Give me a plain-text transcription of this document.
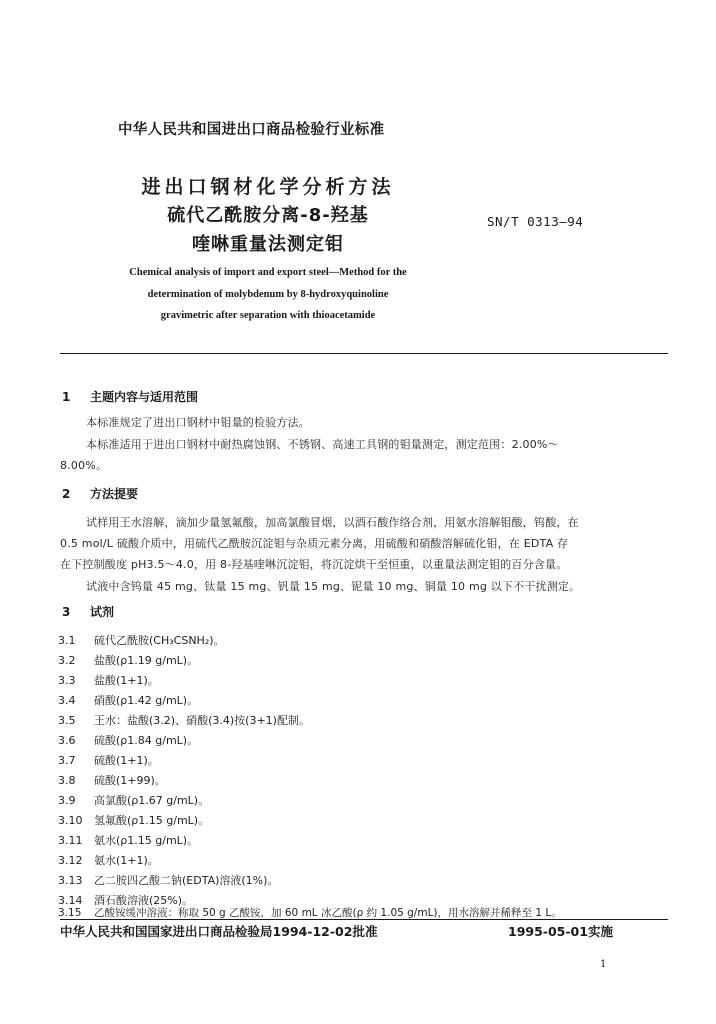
中华人民共和国进出口商品检验行业标准
进出口钢材化学分析方法
硫代乙酰胺分离-8-羟基
喹啉重量法测定钼
SN/T 0313—94
Chemical analysis of import and export steel—Method for the
determination of molybdenum by 8-hydroxyquinoline
gravimetric after separation with thioacetamide
1 主题内容与适用范围
本标准规定了进出口钢材中钼量的检验方法。
本标准适用于进出口钢材中耐热腐蚀钢、不锈钢、高速工具钢的钼量测定，测定范围：2.00%～
8.00%。
2 方法提要
试样用王水溶解，滴加少量氢氟酸，加高氯酸冒烟，以酒石酸作络合剂，用氨水溶解钼酸，钨酸，在
0.5 mol/L 硫酸介质中，用硫代乙酰胺沉淀钼与杂质元素分离，用硫酸和硝酸溶解硫化钼，在 EDTA 存
在下控制酸度 pH3.5～4.0，用 8-羟基喹啉沉淀钼，将沉淀烘干至恒重，以重量法测定钼的百分含量。
试液中含钨量 45 mg、钛量 15 mg、钒量 15 mg、铌量 10 mg、铜量 10 mg 以下不干扰测定。
3 试剂
3.1 硫代乙酰胺(CH₃CSNH₂)。
3.2 盐酸(ρ1.19 g/mL)。
3.3 盐酸(1+1)。
3.4 硝酸(ρ1.42 g/mL)。
3.5 王水：盐酸(3.2)、硝酸(3.4)按(3+1)配制。
3.6 硫酸(ρ1.84 g/mL)。
3.7 硫酸(1+1)。
3.8 硫酸(1+99)。
3.9 高氯酸(ρ1.67 g/mL)。
3.10 氢氟酸(ρ1.15 g/mL)。
3.11 氨水(ρ1.15 g/mL)。
3.12 氨水(1+1)。
3.13 乙二胺四乙酸二钠(EDTA)溶液(1%)。
3.14 酒石酸溶液(25%)。
3.15 乙酸铵缓冲溶液：称取 50 g 乙酸铵，加 60 mL 冰乙酸(ρ 约 1.05 g/mL)，用水溶解并稀释至 1 L。
中华人民共和国国家进出口商品检验局1994-12-02批准	1995-05-01实施
1
